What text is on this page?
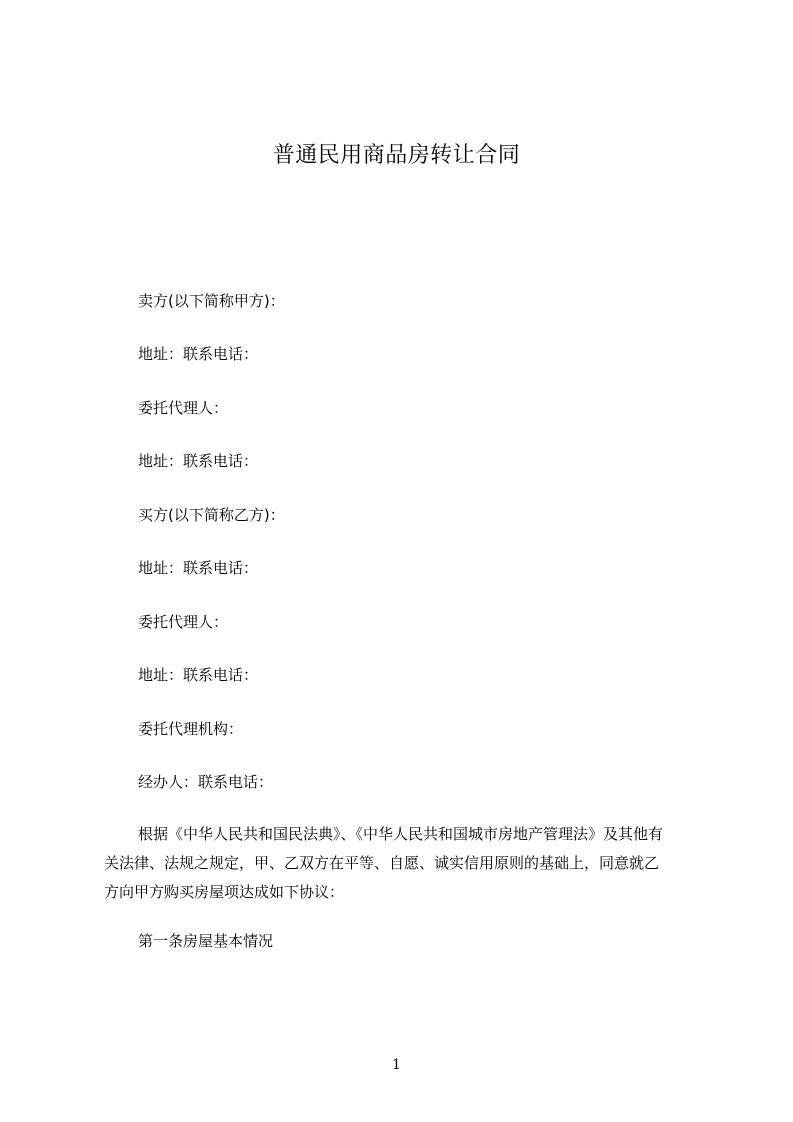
普通民用商品房转让合同
卖方(以下简称甲方)：
地址：联系电话：
委托代理人：
地址：联系电话：
买方(以下简称乙方)：
地址：联系电话：
委托代理人：
地址：联系电话：
委托代理机构：
经办人：联系电话：
根据《中华人民共和国民法典》、《中华人民共和国城市房地产管理法》及其他有
关法律、法规之规定，甲、乙双方在平等、自愿、诚实信用原则的基础上，同意就乙
方向甲方购买房屋项达成如下协议：
第一条房屋基本情况
1
